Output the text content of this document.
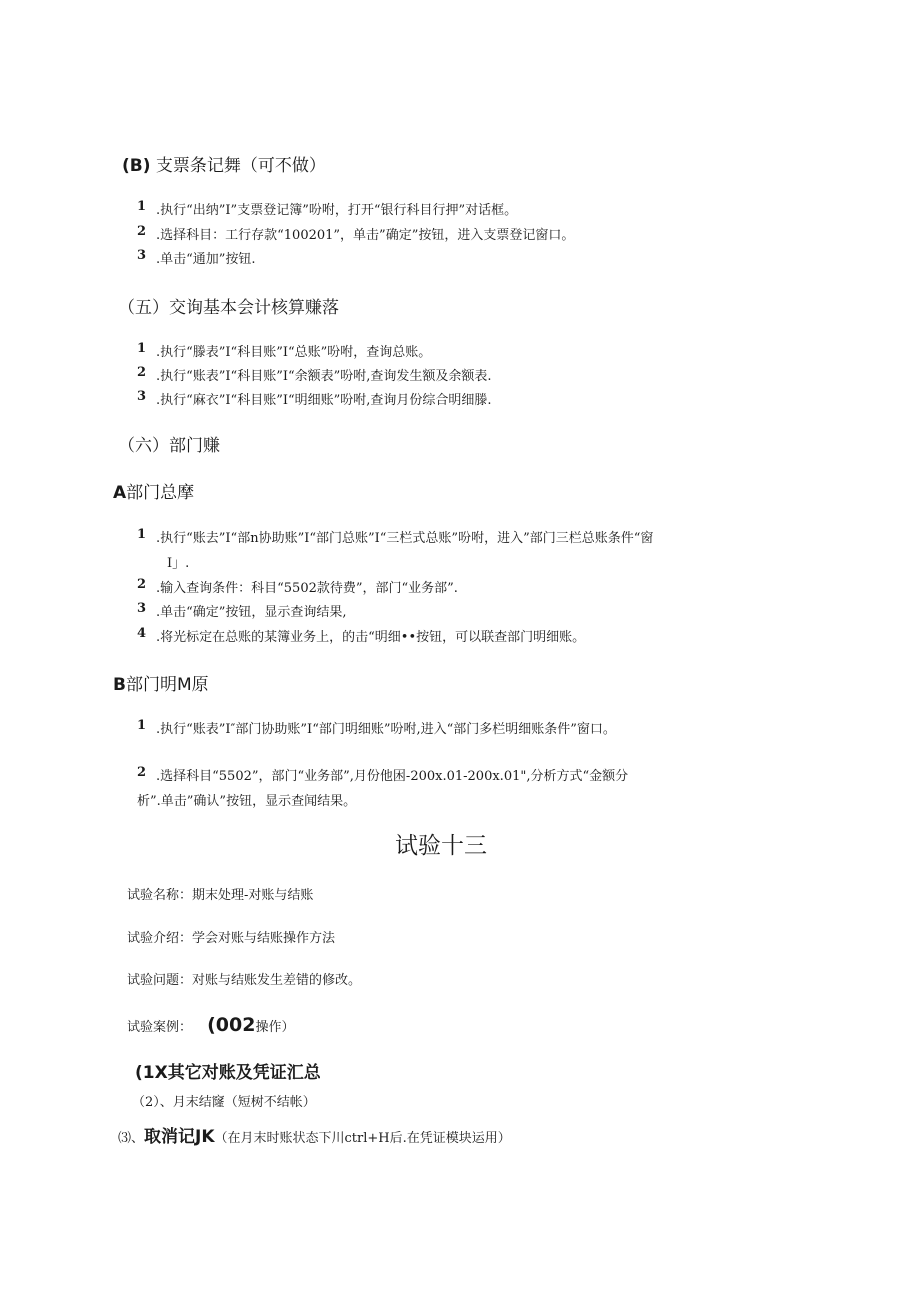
(B) 支票条记舞（可不做）
1 .执行“出纳”I”支票登记簿”吩咐，打开“银行科目行押”对话框。
2 .选择科目：工行存款“100201”，单击”确定”按钮，进入支票登记窗口。
3 .单击“通加”按钮.
（五）交询基本会计核算赚落
1 .执行“滕表”I“科目账”I“总账”吩咐，查询总账。
2 .执行“账表”I“科目账”I“余额表”吩咐,查询发生额及余额表.
3 .执行“麻衣”I“科目账”I“明细账”吩咐,查询月份综合明细滕.
（六）部门赚
A部门总摩
1 .执行“账去”I“部n协助账”I“部门总账”I“三栏式总账”吩咐，进入”部门三栏总账条件“窗
I」.
2 .输入查询条件：科目“5502款待费”，部门“业务部”.
3 .单击“确定”按钮，显示查询结果,
4 .将光标定在总账的某簿业务上，的击“明细••按钮，可以联查部门明细账。
B部门明M原
1 .执行“账表”I″部门协助账”I“部门明细账”吩咐,进入“部门多栏明细账条件”窗口。
2 .选择科目“5502”，部门“业务部”,月份他困-200x.01-200x.01",分析方式“金额分
析”.单击”确认”按钮，显示查闻结果。
试验十三
试验名称：期末处理-对账与结账
试验介绍：学会对账与结账操作方法
试验问题：对账与结账发生差错的修改。
试验案例： (002操作）
(1X其它对账及凭证汇总
（2）、月末结窿（短树不结帐）
⑶、取消记JK（在月末时账状态下川ctrl+H后.在凭证模块运用）
